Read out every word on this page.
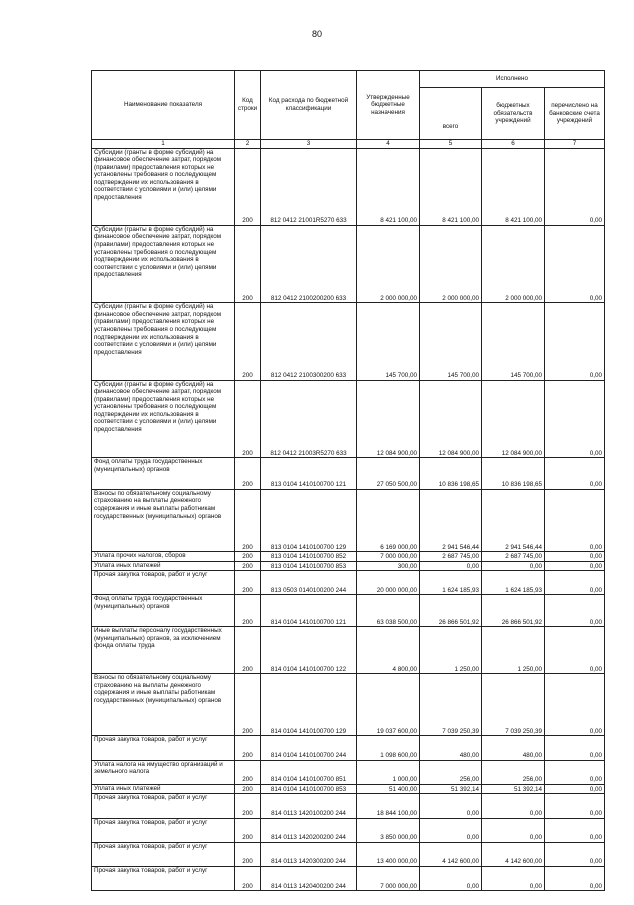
80
Наименование показателя	Код строки	Код расхода по бюджетной классификации	Утвержденные бюджетные назначения	Исполнено		
				всего	бюджетных обязательств учреждений	перечислено на банковские счета учреждений
1	2	3	4	5	6	7
Субсидии (гранты в форме субсидий) на финансовое обеспечение затрат, порядком (правилами) предоставления которых не установлены требования о последующем подтверждении их использования в соответствии с условиями и (или) целями предоставления	200	812 0412 21001R5270 633	8 421 100,00	8 421 100,00	8 421 100,00	0,00
Субсидии (гранты в форме субсидий) на финансовое обеспечение затрат, порядком (правилами) предоставления которых не установлены требования о последующем подтверждении их использования в соответствии с условиями и (или) целями предоставления	200	812 0412 2100200200 633	2 000 000,00	2 000 000,00	2 000 000,00	0,00
Субсидии (гранты в форме субсидий) на финансовое обеспечение затрат, порядком (правилами) предоставления которых не установлены требования о последующем подтверждении их использования в соответствии с условиями и (или) целями предоставления	200	812 0412 2100300200 633	145 700,00	145 700,00	145 700,00	0,00
Субсидии (гранты в форме субсидий) на финансовое обеспечение затрат, порядком (правилами) предоставления которых не установлены требования о последующем подтверждении их использования в соответствии с условиями и (или) целями предоставления	200	812 0412 21003R5270 633	12 084 900,00	12 084 900,00	12 084 900,00	0,00
Фонд оплаты труда государственных (муниципальных) органов	200	813 0104 1410100700 121	27 050 500,00	10 836 198,65	10 836 198,65	0,00
Взносы по обязательному социальному страхованию на выплаты денежного содержания и иные выплаты работникам государственных (муниципальных) органов	200	813 0104 1410100700 129	6 169 000,00	2 941 546,44	2 941 546,44	0,00
Уплата прочих налогов, сборов	200	813 0104 1410100700 852	7 000 000,00	2 687 745,00	2 687 745,00	0,00
Уплата иных платежей	200	813 0104 1410100700 853	300,00	0,00	0,00	0,00
Прочая закупка товаров, работ и услуг	200	813 0503 0140100200 244	20 000 000,00	1 624 185,93	1 624 185,93	0,00
Фонд оплаты труда государственных (муниципальных) органов	200	814 0104 1410100700 121	63 038 500,00	26 866 501,92	26 866 501,92	0,00
Иные выплаты персоналу государственных (муниципальных) органов, за исключением фонда оплаты труда	200	814 0104 1410100700 122	4 800,00	1 250,00	1 250,00	0,00
Взносы по обязательному социальному страхованию на выплаты денежного содержания и иные выплаты работникам государственных (муниципальных) органов	200	814 0104 1410100700 129	19 037 600,00	7 039 250,39	7 039 250,39	0,00
Прочая закупка товаров, работ и услуг	200	814 0104 1410100700 244	1 098 600,00	480,00	480,00	0,00
Уплата налога на имущество организаций и земельного налога	200	814 0104 1410100700 851	1 000,00	256,00	256,00	0,00
Уплата иных платежей	200	814 0104 1410100700 853	51 400,00	51 392,14	51 392,14	0,00
Прочая закупка товаров, работ и услуг	200	814 0113 1420100200 244	18 844 100,00	0,00	0,00	0,00
Прочая закупка товаров, работ и услуг	200	814 0113 1420200200 244	3 850 000,00	0,00	0,00	0,00
Прочая закупка товаров, работ и услуг	200	814 0113 1420300200 244	13 400 000,00	4 142 600,00	4 142 600,00	0,00
Прочая закупка товаров, работ и услуг	200	814 0113 1420400200 244	7 000 000,00	0,00	0,00	0,00
